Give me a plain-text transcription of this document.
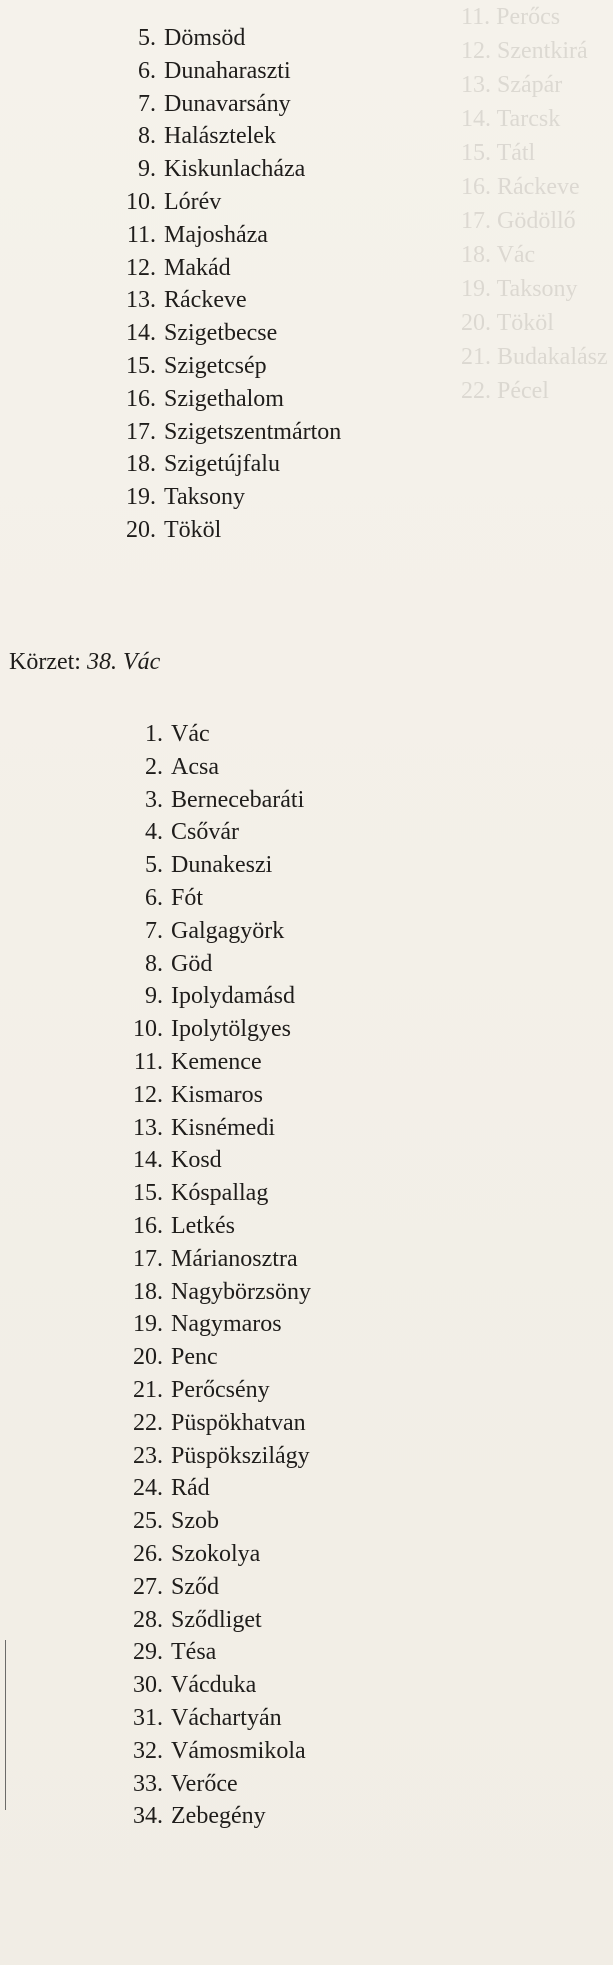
11. Perőcs
12. Szentkirá
13. Szápár
14. Tarcsk
15. Tátl
16. Ráckeve
17. Gödöllő
18. Vác
19. Taksony
20. Tököl
21. Budakalász
22. Pécel
5. Dömsöd
6. Dunaharaszti
7. Dunavarsány
8. Halásztelek
9. Kiskunlacháza
10. Lórév
11. Majosháza
12. Makád
13. Ráckeve
14. Szigetbecse
15. Szigetcsép
16. Szigethalom
17. Szigetszentmárton
18. Szigetújfalu
19. Taksony
20. Tököl
Körzet: 38. Vác
1. Vác
2. Acsa
3. Bernecebaráti
4. Csővár
5. Dunakeszi
6. Fót
7. Galgagyörk
8. Göd
9. Ipolydamásd
10. Ipolytölgyes
11. Kemence
12. Kismaros
13. Kisnémedi
14. Kosd
15. Kóspallag
16. Letkés
17. Márianosztra
18. Nagybörzsöny
19. Nagymaros
20. Penc
21. Perőcsény
22. Püspökhatvan
23. Püspökszilágy
24. Rád
25. Szob
26. Szokolya
27. Sződ
28. Sződliget
29. Tésa
30. Vácduka
31. Váchartyán
32. Vámosmikola
33. Verőce
34. Zebegény
